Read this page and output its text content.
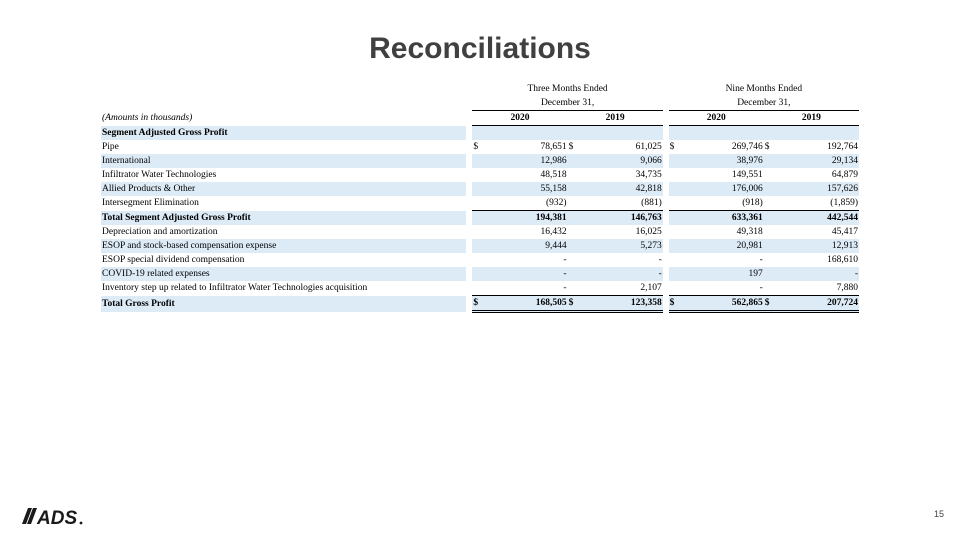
Reconciliations
		Three Months Ended					Nine Months Ended			
		December 31,					December 31,			
(Amounts in thousands)		2020		2019			2020		2019	
Segment Adjusted Gross Profit										
Pipe		$	78,651	$	61,025		$	269,746	$	192,764
International			12,986		9,066			38,976		29,134
Infiltrator Water Technologies			48,518		34,735			149,551		64,879
Allied Products & Other			55,158		42,818			176,006		157,626
Intersegment Elimination			(932)		(881)			(918)		(1,859)
Total Segment Adjusted Gross Profit			194,381		146,763			633,361		442,544
Depreciation and amortization			16,432		16,025			49,318		45,417
ESOP and stock-based compensation expense			9,444		5,273			20,981		12,913
ESOP special dividend compensation			-		-			-		168,610
COVID-19 related expenses			-		-			197		-
Inventory step up related to Infiltrator Water Technologies acquisition			-		2,107			-		7,880
Total Gross Profit		$	168,505	$	123,358		$	562,865	$	207,724
ADS	15
